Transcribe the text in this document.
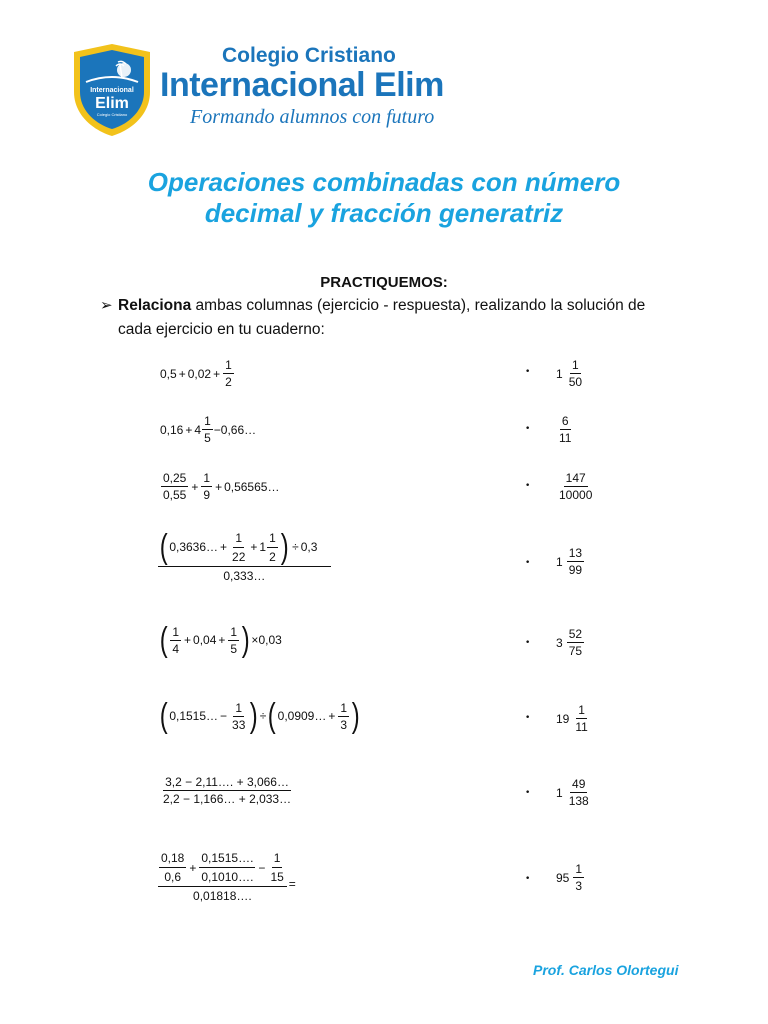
Internacional
Elim
Colegio Cristiano
Colegio Cristiano
Internacional Elim
Formando alumnos con futuro
Operaciones combinadas con número
decimal y fracción generatriz
PRACTIQUEMOS:
➢ Relaciona ambas columnas (ejercicio - respuesta), realizando la solución de cada ejercicio en tu cuaderno:
$0,5 + 0,02 + \frac{1}{2}$
$0,16 + 4 \frac{1}{5}$ − 0,66…
$\frac{0,25}{0,55} + \frac{1}{9}$ + 0,56565…
$\frac{( 0,3636\dots + \frac{1}{22} + 1 \frac{1}{2} ) \div 0,3}{0,333\dots}$
( $\frac{1}{4} + 0,04 + \frac{1}{5}$ ) × 0,03
( 0,1515… − $\frac{1}{33}$ ) ÷ ( 0,0909… + $\frac{1}{3}$ )
$\frac{3,2 - 2,11\dots. + 3,066\dots}{2,2 - 1,166\dots + 2,033\dots}$
$\frac{\frac{0,18}{0,6} + \frac{0,1515\dots.}{0,1010\dots.} - \frac{1}{15}}{0,01818\dots.}$ =
• $1 \frac{1}{50}$
• $\frac{6}{11}$
• $\frac{147}{10000}$
• $1 \frac{13}{99}$
• $3 \frac{52}{75}$
• $19 \frac{1}{11}$
• $1 \frac{49}{138}$
• $95 \frac{1}{3}$
Prof. Carlos Olortegui
